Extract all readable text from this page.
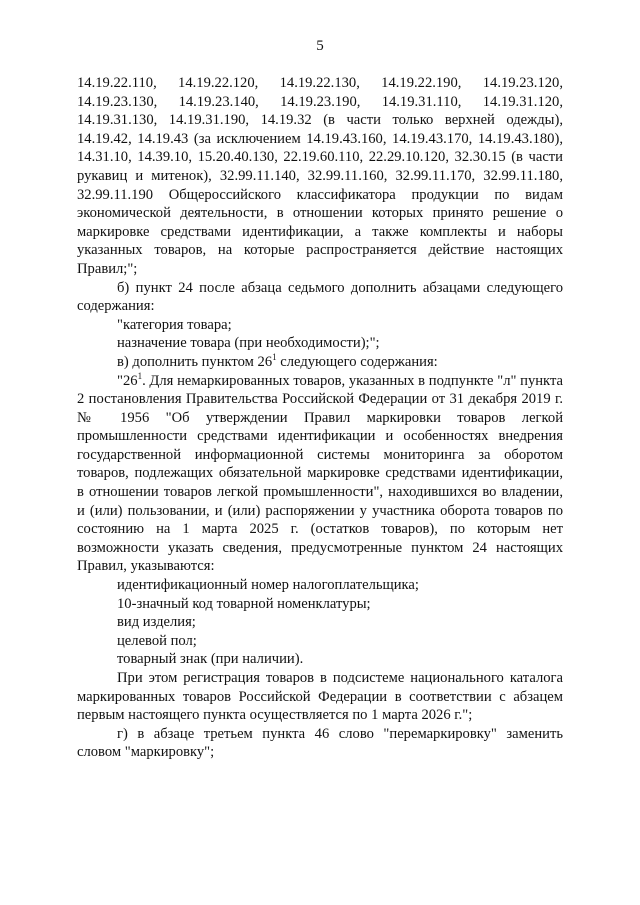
5
14.19.22.110, 14.19.22.120, 14.19.22.130, 14.19.22.190, 14.19.23.120,
14.19.23.130, 14.19.23.140, 14.19.23.190, 14.19.31.110, 14.19.31.120,

14.19.31.130, 14.19.31.190, 14.19.32 (в части только верхней одежды), 14.19.42, 14.19.43 (за исключением 14.19.43.160, 14.19.43.170, 14.19.43.180), 14.31.10, 14.39.10, 15.20.40.130, 22.19.60.110, 22.29.10.120, 32.30.15 (в части рукавиц и митенок), 32.99.11.140, 32.99.11.160, 32.99.11.170, 32.99.11.180, 32.99.11.190 Общероссийского классификатора продукции по видам экономической деятельности, в отношении которых принято решение о маркировке средствами идентификации, а также комплекты и наборы указанных товаров, на которые распространяется действие настоящих Правил;";

б) пункт 24 после абзаца седьмого дополнить абзацами следующего содержания:

"категория товара;

назначение товара (при необходимости);";

в) дополнить пунктом $26^1$ следующего содержания:

"$26^1$. Для немаркированных товаров, указанных в подпункте "л" пункта 2 постановления Правительства Российской Федерации от 31 декабря 2019 г. № 1956 "Об утверждении Правил маркировки товаров легкой промышленности средствами идентификации и особенностях внедрения государственной информационной системы мониторинга за оборотом товаров, подлежащих обязательной маркировке средствами идентификации, в отношении товаров легкой промышленности", находившихся во владении, и (или) пользовании, и (или) распоряжении у участника оборота товаров по состоянию на 1 марта 2025 г. (остатков товаров), по которым нет возможности указать сведения, предусмотренные пунктом 24 настоящих Правил, указываются:

идентификационный номер налогоплательщика;

10-значный код товарной номенклатуры;

вид изделия;

целевой пол;

товарный знак (при наличии).

При этом регистрация товаров в подсистеме национального каталога маркированных товаров Российской Федерации в соответствии с абзацем первым настоящего пункта осуществляется по 1 марта 2026 г.";

г) в абзаце третьем пункта 46 слово "перемаркировку" заменить словом "маркировку";
